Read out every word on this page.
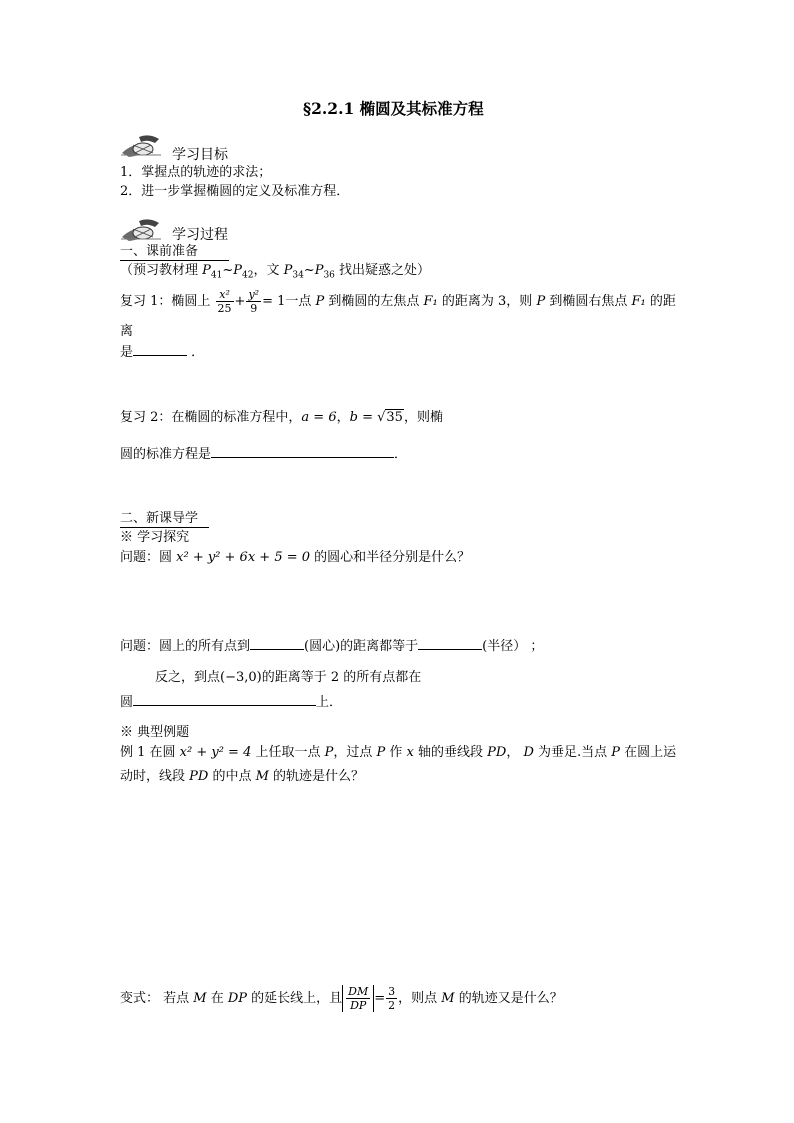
§2.2.1 椭圆及其标准方程
学习目标
1．掌握点的轨迹的求法；
2．进一步掌握椭圆的定义及标准方程．
学习过程
一、课前准备
（预习教材理 $P_{41}\sim P_{42}$，文 $P_{34}\sim P_{36}$ 找出疑惑之处）
复习 1：椭圆上 $\frac{\text{x²}}{25} + \frac{\text{y²}}{9} = 1$一点 P 到椭圆的左焦点 F₁ 的距离为 3，则 P 到椭圆右焦点 F₁ 的距
离
是	．
复习 2：在椭圆的标准方程中，a = 6，b = √35，则椭
圆的标准方程是	．
二、新课导学
※ 学习探究
问题：圆 x² + y² + 6x + 5 = 0 的圆心和半径分别是什么？
问题：圆上的所有点到	(圆心)的距离都等于	(半径） ；
反之，到点(−3,0)的距离等于 2 的所有点都在
圆	上．
※ 典型例题
例 1 在圆 x² + y² = 4 上任取一点 P，过点 P 作 x 轴的垂线段 PD， D 为垂足.当点 P 在圆上运
动时，线段 PD 的中点 M 的轨迹是什么？
变式： 若点 M 在 DP 的延长线上，且 $\frac{DM}{DP} = \frac{3}{2}$ ，则点 M 的轨迹又是什么？
